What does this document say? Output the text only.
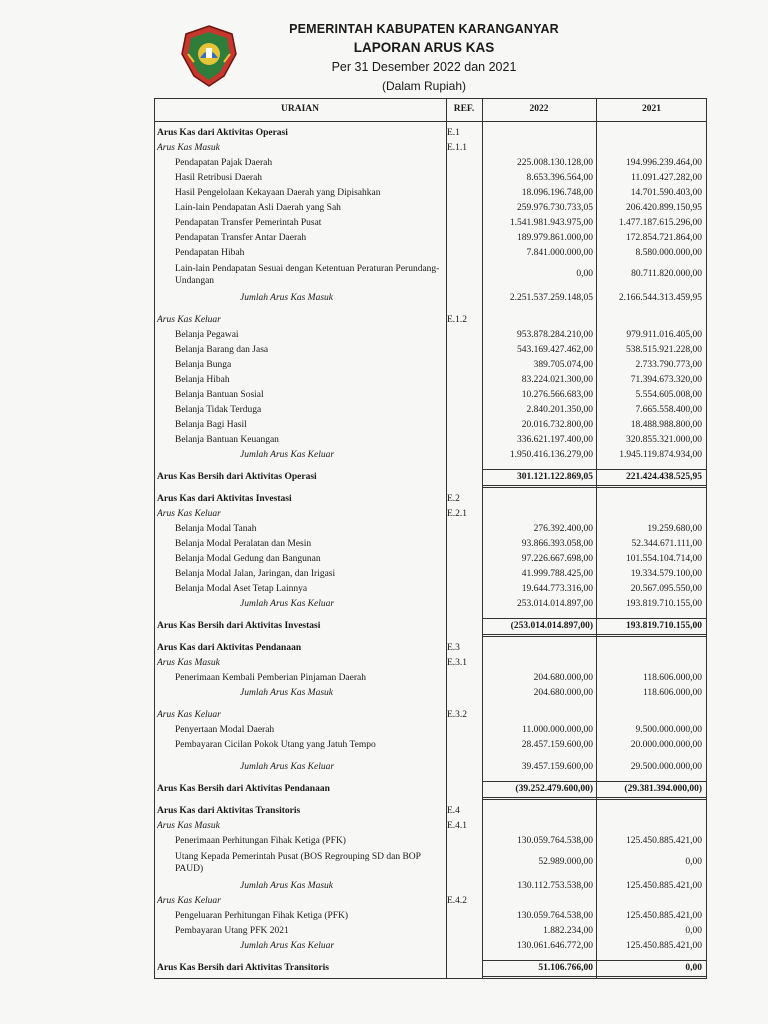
PEMERINTAH KABUPATEN KARANGANYAR
LAPORAN ARUS KAS
Per 31 Desember 2022 dan 2021
(Dalam Rupiah)
URAIAN	REF.	2022	2021
Arus Kas dari Aktivitas Operasi	E.1
Arus Kas Masuk	E.1.1
Pendapatan Pajak Daerah	225.008.130.128,00	194.996.239.464,00
Hasil Retribusi Daerah	8.653.396.564,00	11.091.427.282,00
Hasil Pengelolaan Kekayaan Daerah yang Dipisahkan	18.096.196.748,00	14.701.590.403,00
Lain-lain Pendapatan Asli Daerah yang Sah	259.976.730.733,05	206.420.899.150,95
Pendapatan Transfer Pemerintah Pusat	1.541.981.943.975,00	1.477.187.615.296,00
Pendapatan Transfer Antar Daerah	189.979.861.000,00	172.854.721.864,00
Pendapatan Hibah	7.841.000.000,00	8.580.000.000,00
Lain-lain Pendapatan Sesuai dengan Ketentuan Peraturan Perundang-Undangan
0,00	80.711.820.000,00
Jumlah Arus Kas Masuk	2.251.537.259.148,05	2.166.544.313.459,95
Arus Kas Keluar	E.1.2
Belanja Pegawai	953.878.284.210,00	979.911.016.405,00
Belanja Barang dan Jasa	543.169.427.462,00	538.515.921.228,00
Belanja Bunga	389.705.074,00	2.733.790.773,00
Belanja Hibah	83.224.021.300,00	71.394.673.320,00
Belanja Bantuan Sosial	10.276.566.683,00	5.554.605.008,00
Belanja Tidak Terduga	2.840.201.350,00	7.665.558.400,00
Belanja Bagi Hasil	20.016.732.800,00	18.488.988.800,00
Belanja Bantuan Keuangan	336.621.197.400,00	320.855.321.000,00
Jumlah Arus Kas Keluar	1.950.416.136.279,00	1.945.119.874.934,00
Arus Kas Bersih dari Aktivitas Operasi	301.121.122.869,05	221.424.438.525,95
Arus Kas dari Aktivitas Investasi	E.2
Arus Kas Keluar	E.2.1
Belanja Modal Tanah	276.392.400,00	19.259.680,00
Belanja Modal Peralatan dan Mesin	93.866.393.058,00	52.344.671.111,00
Belanja Modal Gedung dan Bangunan	97.226.667.698,00	101.554.104.714,00
Belanja Modal Jalan, Jaringan, dan Irigasi	41.999.788.425,00	19.334.579.100,00
Belanja Modal Aset Tetap Lainnya	19.644.773.316,00	20.567.095.550,00
Jumlah Arus Kas Keluar	253.014.014.897,00	193.819.710.155,00
Arus Kas Bersih dari Aktivitas Investasi	(253.014.014.897,00)	193.819.710.155,00
Arus Kas dari Aktivitas Pendanaan	E.3
Arus Kas Masuk	E.3.1
Penerimaan Kembali Pemberian Pinjaman Daerah	204.680.000,00	118.606.000,00
Jumlah Arus Kas Masuk	204.680.000,00	118.606.000,00
Arus Kas Keluar	E.3.2
Penyertaan Modal Daerah	11.000.000.000,00	9.500.000.000,00
Pembayaran Cicilan Pokok Utang yang Jatuh Tempo	28.457.159.600,00	20.000.000.000,00
Jumlah Arus Kas Keluar	39.457.159.600,00	29.500.000.000,00
Arus Kas Bersih dari Aktivitas Pendanaan	(39.252.479.600,00)	(29.381.394.000,00)
Arus Kas dari Aktivitas Transitoris	E.4
Arus Kas Masuk	E.4.1
Penerimaan Perhitungan Fihak Ketiga (PFK)	130.059.764.538,00	125.450.885.421,00
Utang Kepada Pemerintah Pusat (BOS Regrouping SD dan BOP PAUD)
52.989.000,00	0,00
Jumlah Arus Kas Masuk	130.112.753.538,00	125.450.885.421,00
Arus Kas Keluar	E.4.2
Pengeluaran Perhitungan Fihak Ketiga (PFK)	130.059.764.538,00	125.450.885.421,00
Pembayaran Utang PFK 2021	1.882.234,00	0,00
Jumlah Arus Kas Keluar	130.061.646.772,00	125.450.885.421,00
Arus Kas Bersih dari Aktivitas Transitoris	51.106.766,00	0,00
